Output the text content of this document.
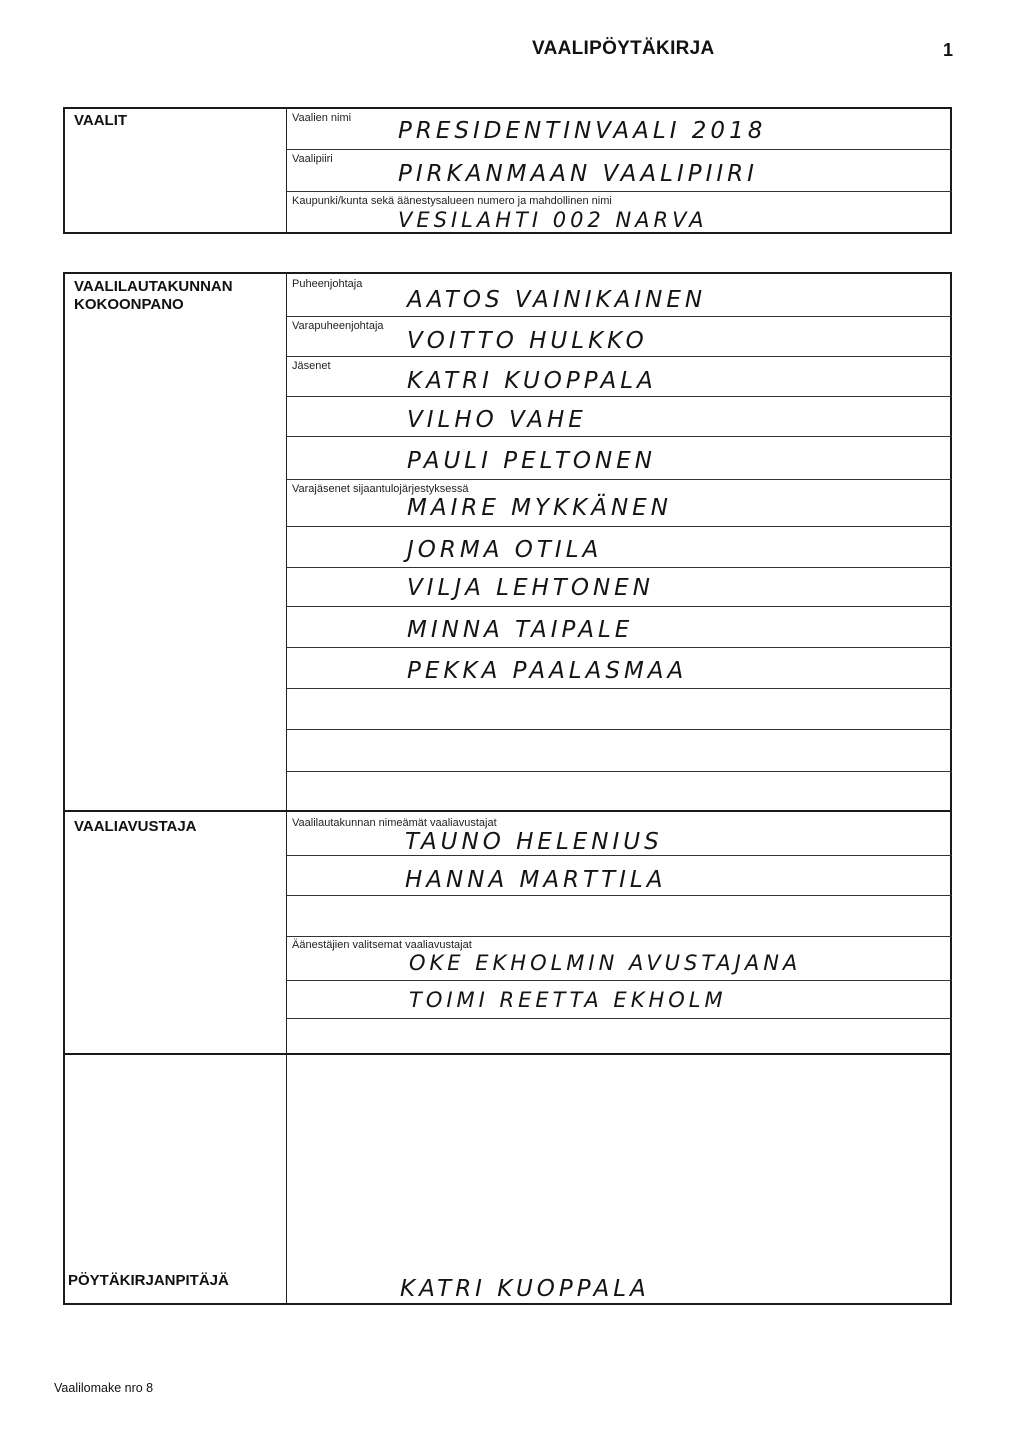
VAALIPÖYTÄKIRJA	1
VAALIT	Vaalien nimi PRESIDENTINVAALI 2018
Vaalipiiri
PIRKANMAAN VAALIPIIRI
Kaupunki/kunta sekä äänestysalueen numero ja mahdollinen nimi
VESILAHTI 002 NARVA
VAALILAUTAKUNNAN
KOKOONPANO
Puheenjohtaja
AATOS VAINIKAINEN
Varapuheenjohtaja
VOITTO HULKKO
Jäsenet
KATRI KUOPPALA
VILHO VAHE
PAULI PELTONEN
Varajäsenet sijaantulojärjestyksessä
MAIRE MYKKÄNEN
JORMA OTILA
VILJA LEHTONEN
MINNA TAIPALE
PEKKA PAALASMAA
VAALIAVUSTAJA	Vaalilautakunnan nimeämät vaaliavustajat
TAUNO HELENIUS
HANNA MARTTILA
Äänestäjien valitsemat vaaliavustajat
OKE EKHOLMIN AVUSTAJANA
TOIMI REETTA EKHOLM
PÖYTÄKIRJANPITÄJÄ	KATRI KUOPPALA
Vaalilomake nro 8
